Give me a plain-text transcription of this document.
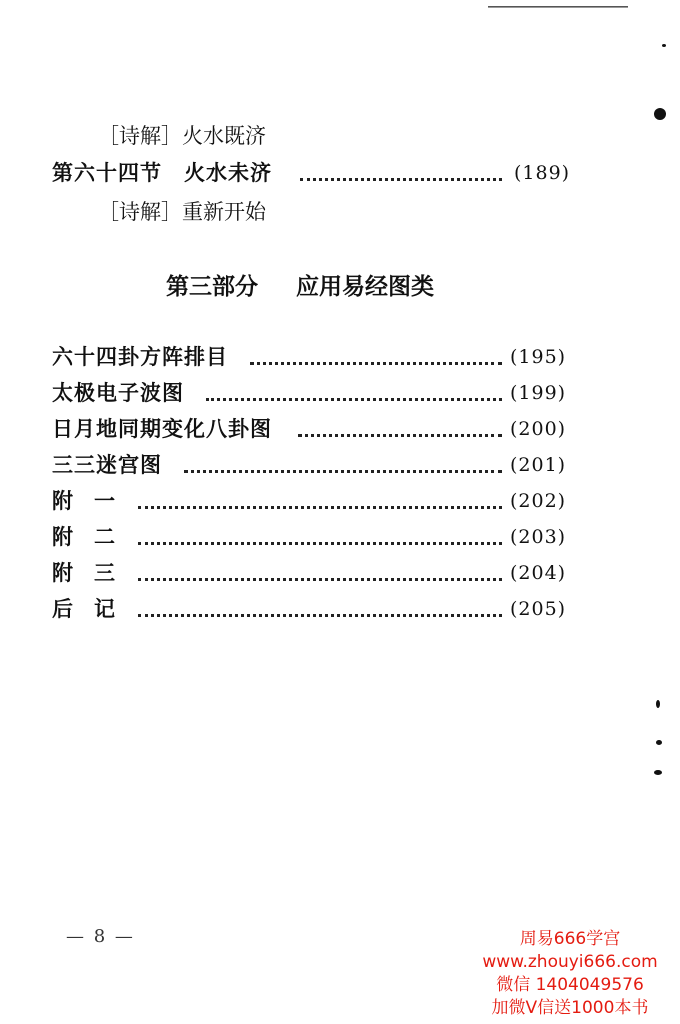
［诗解］火水既济
第六十四节　火水未济	(189)
［诗解］重新开始
第三部分 应用易经图类
六十四卦方阵排目	(195)
太极电子波图	(199)
日月地同期变化八卦图	(200)
三三迷宫图	(201)
附　一	(202)
附　二	(203)
附　三	(204)
后　记	(205)
— 8 —	周易666学宫
www.zhouyi666.com
微信 1404049576
加微V信送1000本书
